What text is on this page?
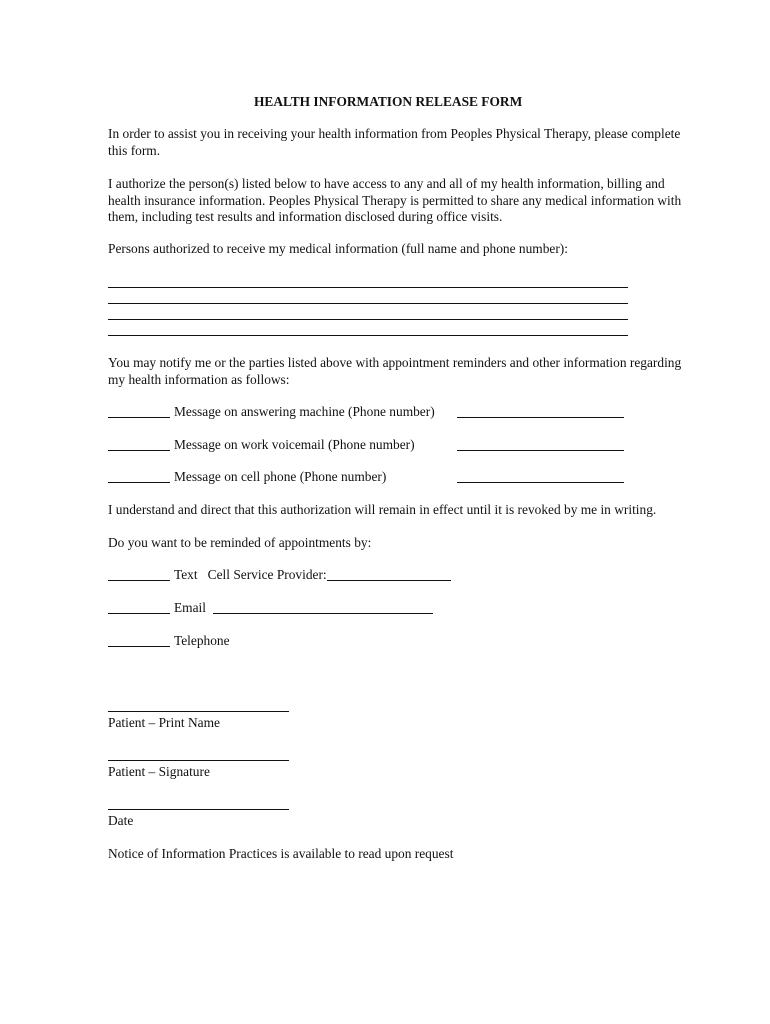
HEALTH INFORMATION RELEASE FORM
In order to assist you in receiving your health information from Peoples Physical Therapy, please complete this form.
I authorize the person(s) listed below to have access to any and all of my health information, billing and health insurance information. Peoples Physical Therapy is permitted to share any medical information with them, including test results and information disclosed during office visits.
Persons authorized to receive my medical information (full name and phone number):
You may notify me or the parties listed above with appointment reminders and other information regarding my health information as follows:
Message on answering machine (Phone number)
Message on work voicemail (Phone number)
Message on cell phone (Phone number)
I understand and direct that this authorization will remain in effect until it is revoked by me in writing.
Do you want to be reminded of appointments by:
Text Cell Service Provider:
Email
Telephone
Patient – Print Name
Patient – Signature
Date
Notice of Information Practices is available to read upon request
